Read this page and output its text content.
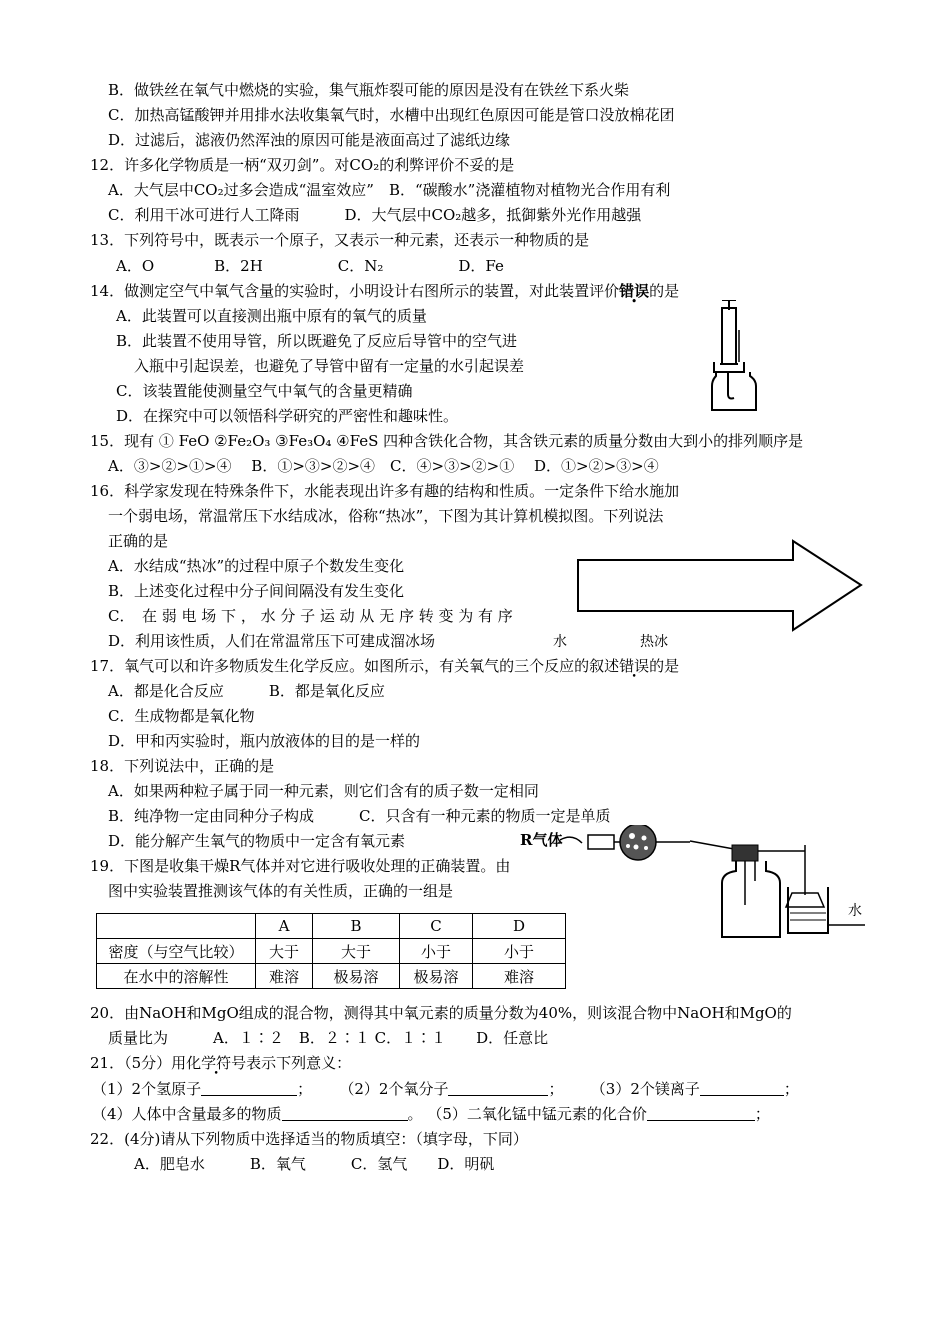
B．做铁丝在氧气中燃烧的实验，集气瓶炸裂可能的原因是没有在铁丝下系火柴
C．加热高锰酸钾并用排水法收集氧气时，水槽中出现红色原因可能是管口没放棉花团
D．过滤后，滤液仍然浑浊的原因可能是液面高过了滤纸边缘
12．许多化学物质是一柄“双刃剑”。对CO₂的利弊评价不妥的是
A．大气层中CO₂过多会造成“温室效应”　B．“碳酸水”浇灌植物对植物光合作用有利
C．利用干冰可进行人工降雨　　　D．大气层中CO₂越多，抵御紫外光作用越强
13．下列符号中，既表示一个原子，又表示一种元素，还表示一种物质的是
A．O　　　　B．2H　　　　　C．N₂　　　　　D．Fe
14．做测定空气中氧气含量的实验时，小明设计右图所示的装置，对此装置评价错误的是
A．此装置可以直接测出瓶中原有的氧气的质量
B．此装置不使用导管，所以既避免了反应后导管中的空气进
入瓶中引起误差，也避免了导管中留有一定量的水引起误差
C．该装置能使测量空气中氧气的含量更精确
D．在探究中可以领悟科学研究的严密性和趣味性。
15．现有 ① FeO ②Fe₂O₃ ③Fe₃O₄ ④FeS 四种含铁化合物，其含铁元素的质量分数由大到小的排列顺序是
A．③>②>①>④　 B．①>③>②>④　C．④>③>②>①　 D．①>②>③>④
16．科学家发现在特殊条件下，水能表现出许多有趣的结构和性质。一定条件下给水施加
一个弱电场，常温常压下水结成冰，俗称“热冰”，下图为其计算机模拟图。下列说法
正确的是
A．水结成“热冰”的过程中原子个数发生变化
B．上述变化过程中分子间间隔没有发生变化
C．　在 弱 电 场 下 ， 水 分 子 运 动 从 无 序 转 变 为 有 序
D．利用该性质，人们在常温常压下可建成溜冰场	水	热冰
17．氧气可以和许多物质发生化学反应。如图所示，有关氧气的三个反应的叙述错误的是
A．都是化合反应　　　B．都是氧化反应
C．生成物都是氧化物
D．甲和丙实验时，瓶内放液体的目的是一样的
18．下列说法中，正确的是
A．如果两种粒子属于同一种元素，则它们含有的质子数一定相同
B．纯净物一定由同种分子构成　　　C．只含有一种元素的物质一定是单质
D．能分解产生氧气的物质中一定含有氧元素	R气体
19．下图是收集干燥R气体并对它进行吸收处理的正确装置。由
图中实验装置推测该气体的有关性质，正确的一组是
水
	A	B	C	D
密度（与空气比较）	大于	大于	小于	小于
在水中的溶解性	难溶	极易溶	极易溶	难溶
20．由NaOH和MgO组成的混合物，测得其中氧元素的质量分数为40%，则该混合物中NaOH和MgO的
质量比为　　　A．１∶２　B．２∶１ C．１∶１　　D．任意比
21．（5分）用化学符号表示下列意义：
（1）2个氢原子	；　　 （2）2个氧分子	；　　 （3）2个镁离子	；
（4）人体中含量最多的物质	。 （5）二氧化锰中锰元素的化合价	；
22．(4分)请从下列物质中选择适当的物质填空：（填字母，下同）
A．肥皂水　　　B．氧气　　　C．氢气　　D．明矾
